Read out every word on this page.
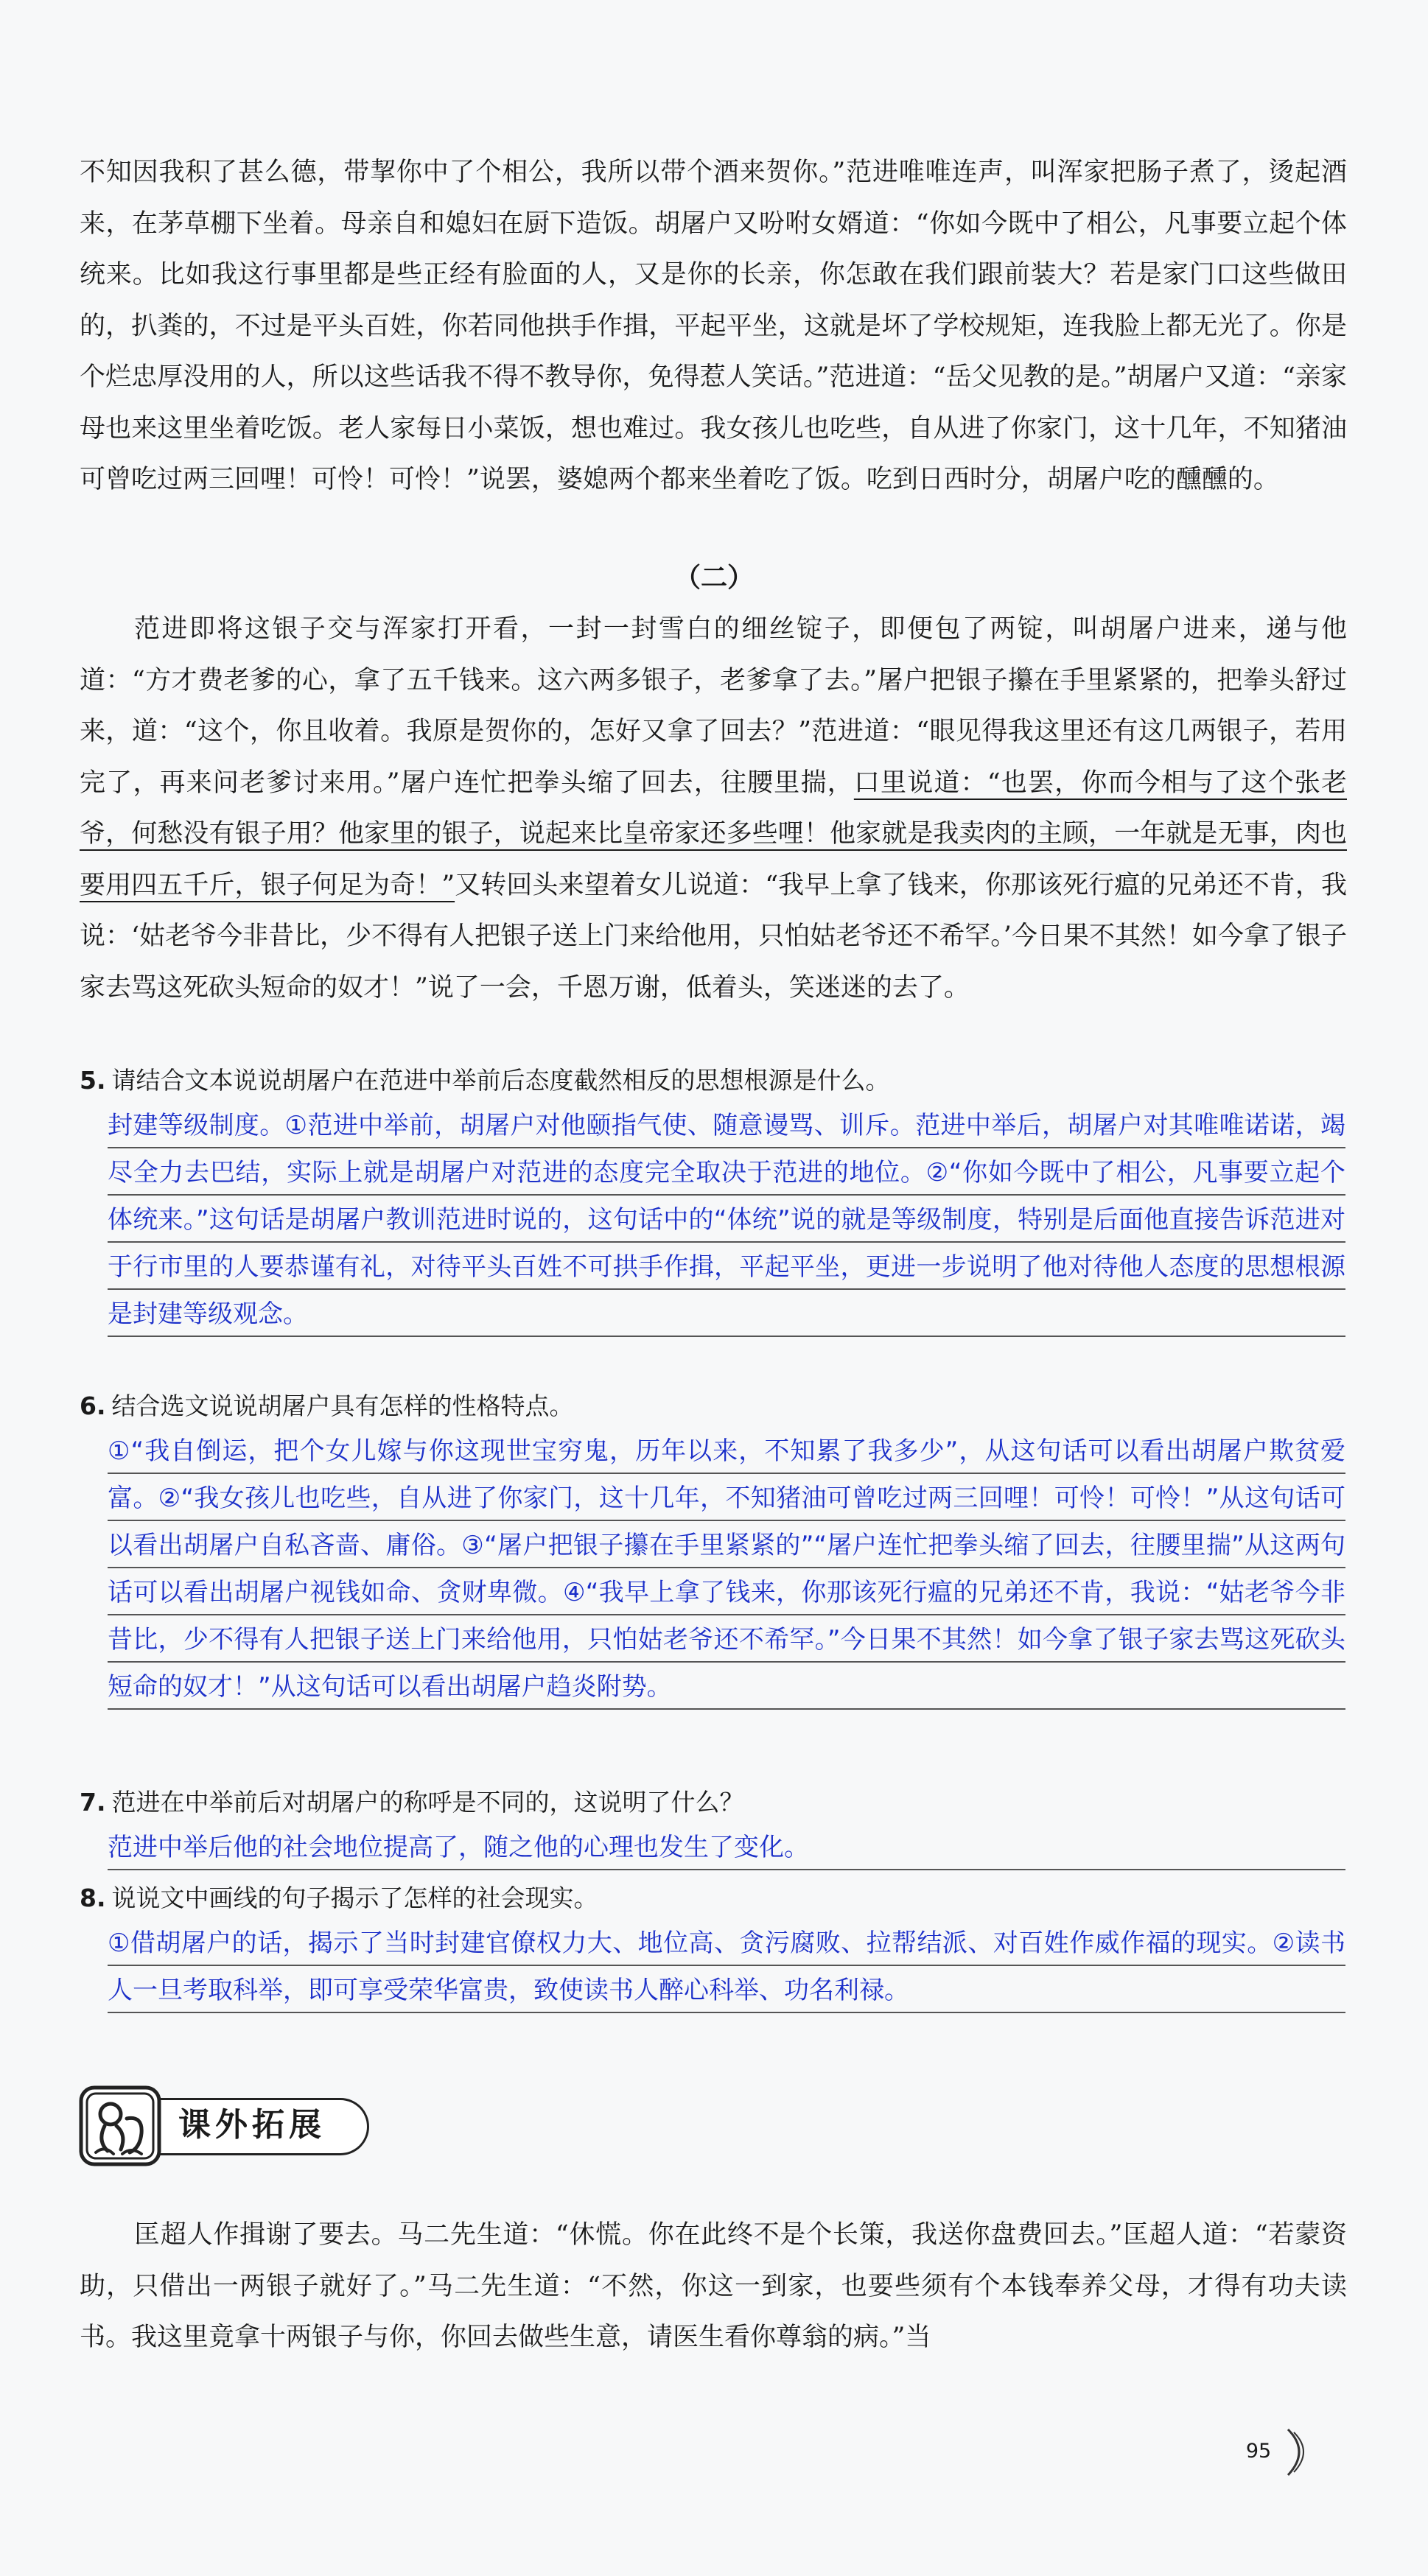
不知因我积了甚么德，带挈你中了个相公，我所以带个酒来贺你。”范进唯唯连声，叫浑家把肠子煮了，烫起酒来，在茅草棚下坐着。母亲自和媳妇在厨下造饭。胡屠户又吩咐女婿道：“你如今既中了相公，凡事要立起个体统来。比如我这行事里都是些正经有脸面的人，又是你的长亲，你怎敢在我们跟前装大？若是家门口这些做田的，扒粪的，不过是平头百姓，你若同他拱手作揖，平起平坐，这就是坏了学校规矩，连我脸上都无光了。你是个烂忠厚没用的人，所以这些话我不得不教导你，免得惹人笑话。”范进道：“岳父见教的是。”胡屠户又道：“亲家母也来这里坐着吃饭。老人家每日小菜饭，想也难过。我女孩儿也吃些，自从进了你家门，这十几年，不知猪油可曾吃过两三回哩！可怜！可怜！”说罢，婆媳两个都来坐着吃了饭。吃到日西时分，胡屠户吃的醺醺的。

（二）

范进即将这银子交与浑家打开看，一封一封雪白的细丝锭子，即便包了两锭，叫胡屠户进来，递与他道：“方才费老爹的心，拿了五千钱来。这六两多银子，老爹拿了去。”屠户把银子攥在手里紧紧的，把拳头舒过来，道：“这个，你且收着。我原是贺你的，怎好又拿了回去？”范进道：“眼见得我这里还有这几两银子，若用完了，再来问老爹讨来用。”屠户连忙把拳头缩了回去，往腰里揣，口里说道：“也罢，你而今相与了这个张老爷，何愁没有银子用？他家里的银子，说起来比皇帝家还多些哩！他家就是我卖肉的主顾，一年就是无事，肉也要用四五千斤，银子何足为奇！”又转回头来望着女儿说道：“我早上拿了钱来，你那该死行瘟的兄弟还不肯，我说：‘姑老爷今非昔比，少不得有人把银子送上门来给他用，只怕姑老爷还不希罕。’今日果不其然！如今拿了银子家去骂这死砍头短命的奴才！”说了一会，千恩万谢，低着头，笑迷迷的去了。

5. 请结合文本说说胡屠户在范进中举前后态度截然相反的思想根源是什么。

封建等级制度。①范进中举前，胡屠户对他颐指气使、随意谩骂、训斥。范进中举后，胡屠户对其唯唯诺诺，竭尽全力去巴结，实际上就是胡屠户对范进的态度完全取决于范进的地位。②“你如今既中了相公，凡事要立起个体统来。”这句话是胡屠户教训范进时说的，这句话中的“体统”说的就是等级制度，特别是后面他直接告诉范进对于行市里的人要恭谨有礼，对待平头百姓不可拱手作揖，平起平坐，更进一步说明了他对待他人态度的思想根源是封建等级观念。

6. 结合选文说说胡屠户具有怎样的性格特点。

①“我自倒运，把个女儿嫁与你这现世宝穷鬼，历年以来，不知累了我多少”，从这句话可以看出胡屠户欺贫爱富。②“我女孩儿也吃些，自从进了你家门，这十几年，不知猪油可曾吃过两三回哩！可怜！可怜！”从这句话可以看出胡屠户自私吝啬、庸俗。③“屠户把银子攥在手里紧紧的”“屠户连忙把拳头缩了回去，往腰里揣”从这两句话可以看出胡屠户视钱如命、贪财卑微。④“我早上拿了钱来，你那该死行瘟的兄弟还不肯，我说：“姑老爷今非昔比，少不得有人把银子送上门来给他用，只怕姑老爷还不希罕。”今日果不其然！如今拿了银子家去骂这死砍头短命的奴才！”从这句话可以看出胡屠户趋炎附势。

7. 范进在中举前后对胡屠户的称呼是不同的，这说明了什么？

范进中举后他的社会地位提高了，随之他的心理也发生了变化。

8. 说说文中画线的句子揭示了怎样的社会现实。

①借胡屠户的话，揭示了当时封建官僚权力大、地位高、贪污腐败、拉帮结派、对百姓作威作福的现实。②读书人一旦考取科举，即可享受荣华富贵，致使读书人醉心科举、功名利禄。

课外拓展

匡超人作揖谢了要去。马二先生道：“休慌。你在此终不是个长策，我送你盘费回去。”匡超人道：“若蒙资助，只借出一两银子就好了。”马二先生道：“不然，你这一到家，也要些须有个本钱奉养父母，才得有功夫读书。我这里竟拿十两银子与你，你回去做些生意，请医生看你尊翁的病。”当

95
